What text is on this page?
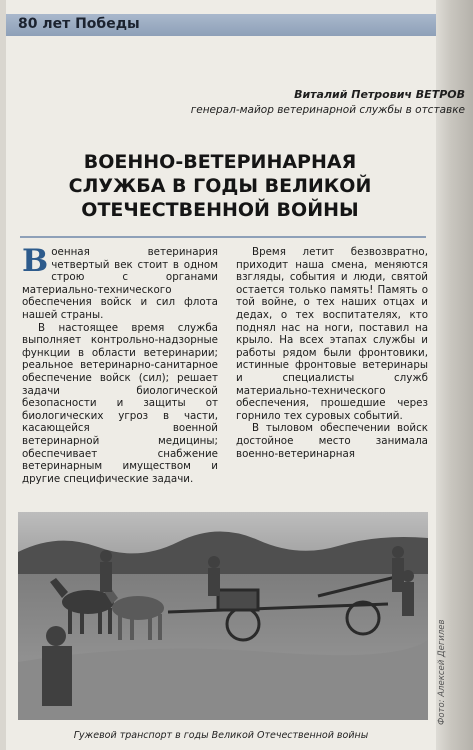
80 лет Победы
Виталий Петрович ВЕТРОВ
генерал-майор ветеринарной службы в отставке
ВОЕННО-ВЕТЕРИНАРНАЯ
СЛУЖБА В ГОДЫ ВЕЛИКОЙ
ОТЕЧЕСТВЕННОЙ ВОЙНЫ

Военная ветеринария четвертый век стоит в одном строю с органами материально-технического обеспечения войск и сил флота нашей страны.

В настоящее время служба выполняет контрольно-надзорные функции в области ветеринарии; реальное ветеринарно-санитарное обеспечение войск (сил); решает задачи биологической безопасности и защиты от биологических угроз в части, касающейся военной ветеринарной медицины; обеспечивает снабжение ветеринарным имуществом и другие специфические задачи.

Время летит безвозвратно, приходит наша смена, меняются взгляды, события и люди, святой остается только память! Память о той войне, о тех наших отцах и дедах, о тех воспитателях, кто поднял нас на ноги, поставил на крыло. На всех этапах службы и работы рядом были фронтовики, истинные фронтовые ветеринары и специалисты служб материально-технического обеспечения, прошедшие через горнило тех суровых событий.

В тыловом обеспечении войск достойное место занимала военно-ветеринарная

Гужевой транспорт в годы Великой Отечественной войны
Фото: Алексей Дегилев
